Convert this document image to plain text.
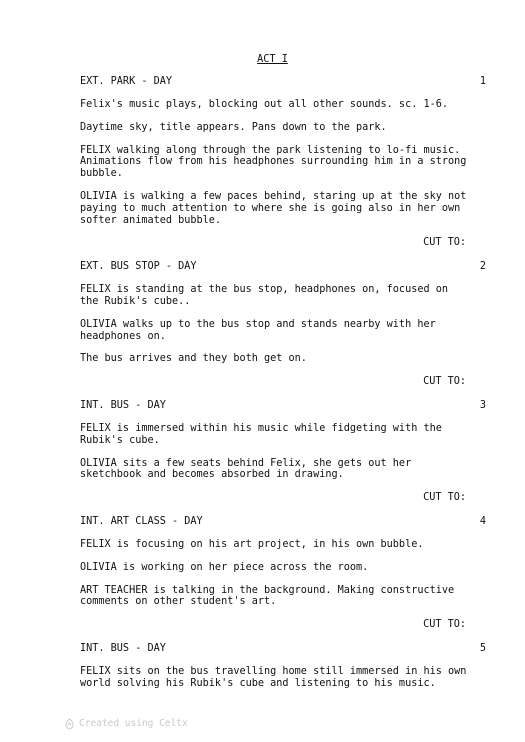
ACT I
EXT. PARK - DAY	1

Felix's music plays, blocking out all other sounds. sc. 1-6.

Daytime sky, title appears. Pans down to the park.

FELIX walking along through the park listening to lo-fi music. Animations flow from his headphones surrounding him in a strong bubble.

OLIVIA is walking a few paces behind, staring up at the sky not paying to much attention to where she is going also in her own softer animated bubble.

CUT TO:

EXT. BUS STOP - DAY	2

FELIX is standing at the bus stop, headphones on, focused on the Rubik's cube..

OLIVIA walks up to the bus stop and stands nearby with her headphones on.

The bus arrives and they both get on.

CUT TO:

INT. BUS - DAY	3

FELIX is immersed within his music while fidgeting with the Rubik's cube.

OLIVIA sits a few seats behind Felix, she gets out her sketchbook and becomes absorbed in drawing.

CUT TO:

INT. ART CLASS - DAY	4

FELIX is focusing on his art project, in his own bubble.

OLIVIA is working on her piece across the room.

ART TEACHER is talking in the background. Making constructive comments on other student's art.

CUT TO:

INT. BUS - DAY	5

FELIX sits on the bus travelling home still immersed in his own world solving his Rubik's cube and listening to his music.

Created using Celtx
